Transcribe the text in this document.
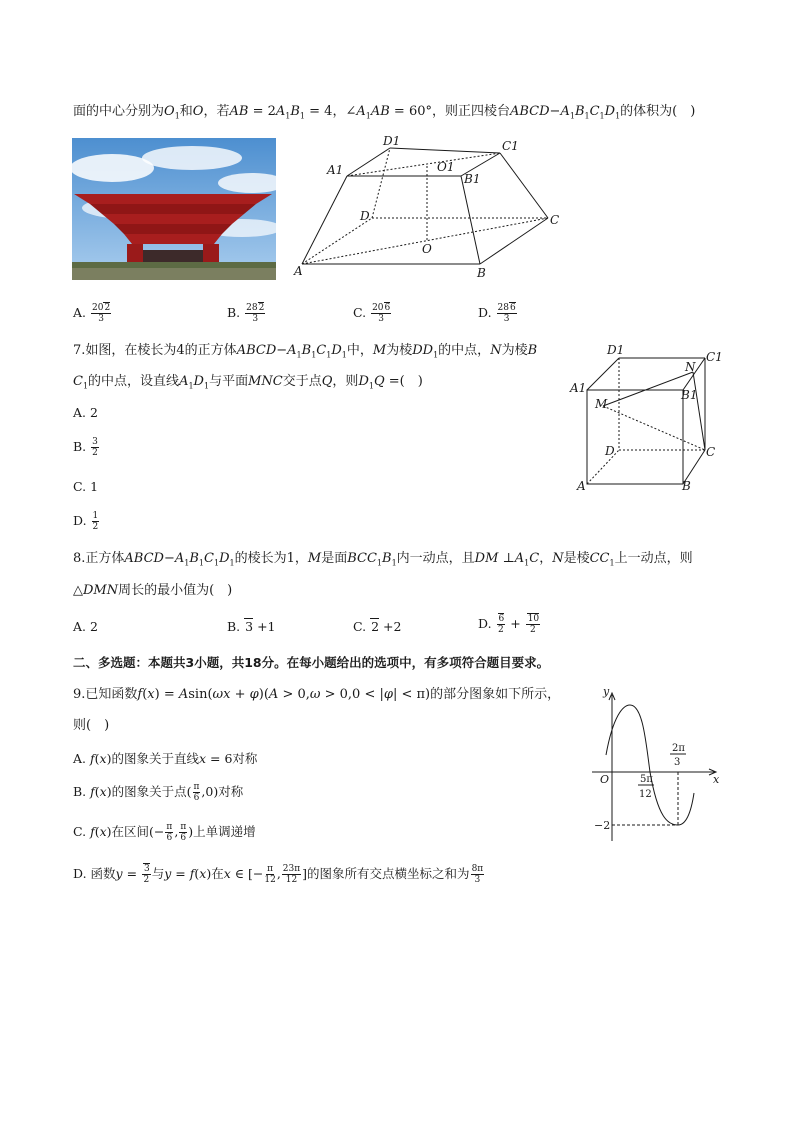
面的中心分别为$O_1$和O，若AB = $2A_1B_1 = 4$，$\angle A_1AB = 60^\circ$，则正四棱台$ABCD-A_1B_1C_1D_1$的体积为(　)
D1	C1
A1	O1
B1
D	C
O
A	B
A. $\frac{202}{3}$	B. $\frac{282}{3}$	C. $\frac{206}{3}$	D. $\frac{286}{3}$
7.如图，在棱长为4的正方体$ABCD-A_1B_1C_1D_1$中，M为棱$DD_1$的中点，N为棱B
$C_1$的中点，设直线$A_1D_1$与平面MNC交于点Q，则$D_1Q$ =(　)
A. 2
B. $\frac{3}{2}$
C. 1
D. $\frac{1}{2}$
D1	C1
N
A1	B1
M
D	C
A	B
8.正方体$ABCD-A_1B_1C_1D_1$的棱长为1，M是面$BCC_1B_1$内一动点，且DM $\perp A_1C$，N是棱$CC_1$上一动点，则
△DMN周长的最小值为(　)
A. 2	B. 3 +1	C. 2 +2	D. $\frac{6}{2} + \frac{10}{2}$
二、多选题：本题共3小题，共18分。在每小题给出的选项中，有多项符合题目要求。
9.已知函数f(x) = Asin(ωx + φ)(A > 0,ω > 0,0 < |φ| < π)的部分图象如下所示，
则(　)
A. f(x)的图象关于直线x = 6对称
B. f(x)的图象关于点( $\frac{\pi}{6} ,0$)对称
C. f(x)在区间(− $\frac{\pi}{6}$ , $\frac{\pi}{6}$ )上单调递增
D. 函数$y = \frac{3}{2}$ 与y = f(x)在x ∈ [− $\frac{\pi}{12}$ , $\frac{23\pi}{12}$ ]的图象所有交点横坐标之和为 $\frac{8\pi}{3}$
y
x
O	5π
12
2π
3
−2
